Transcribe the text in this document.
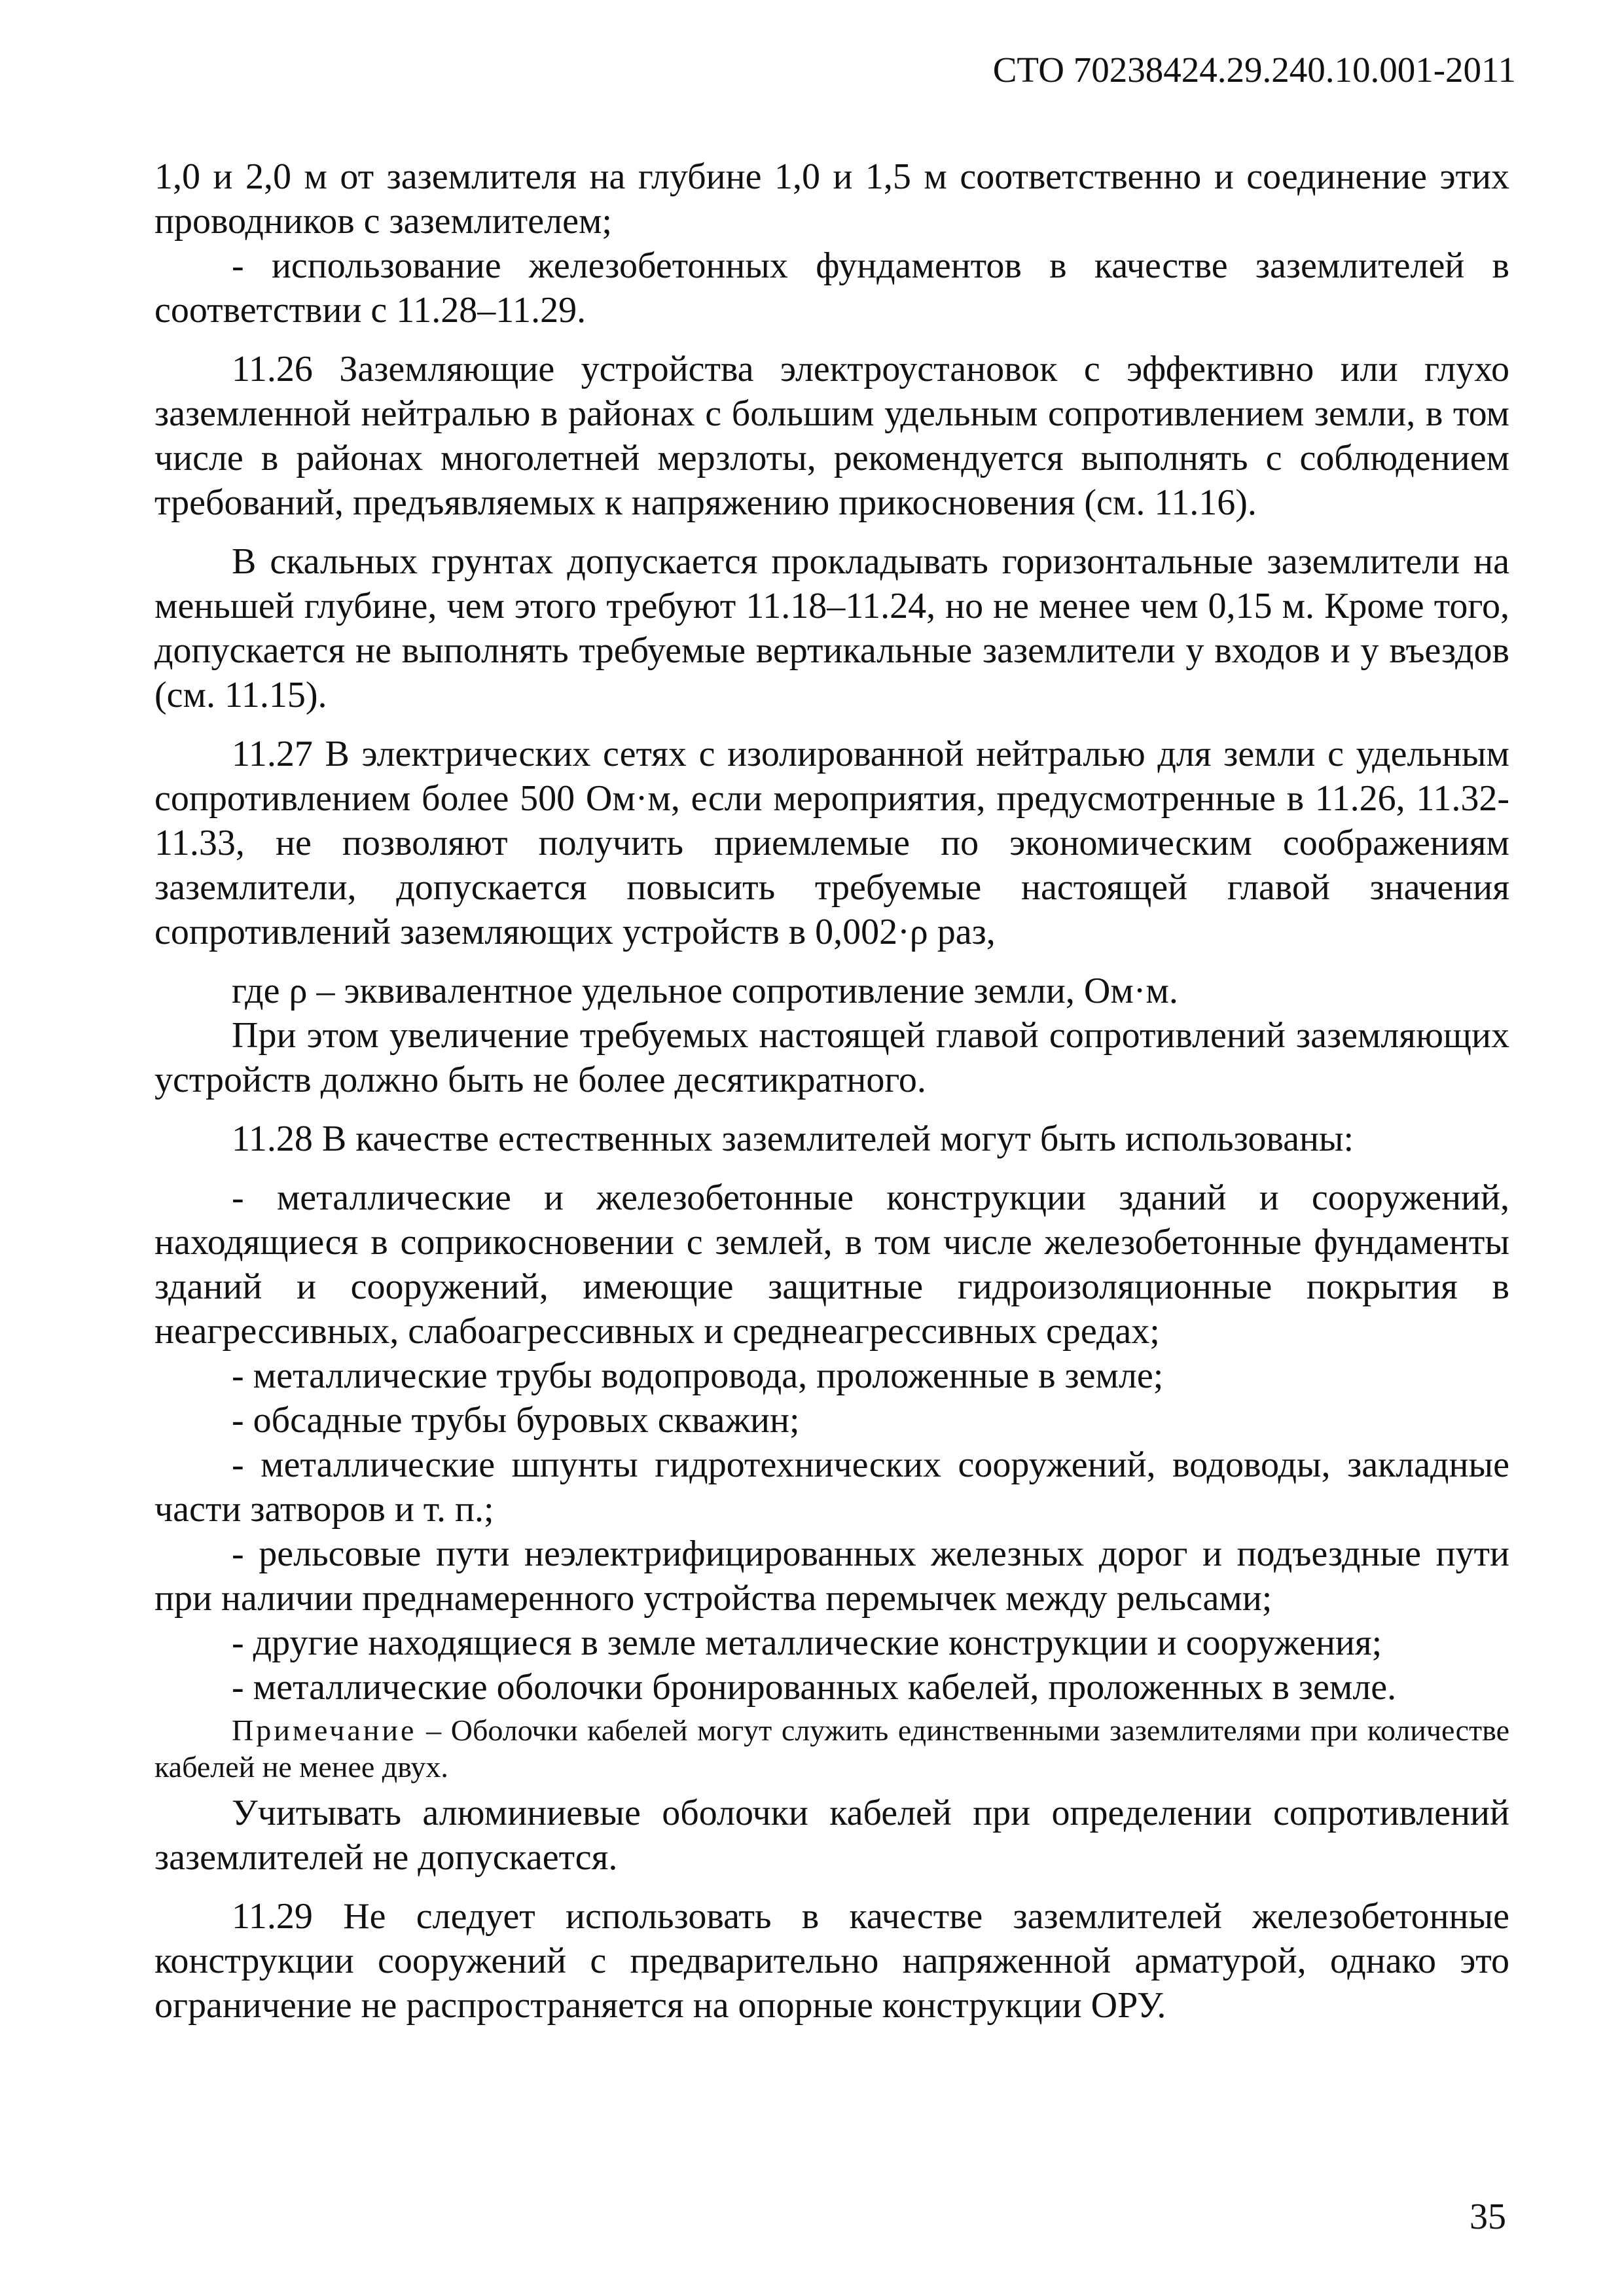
СТО 70238424.29.240.10.001-2011

1,0 и 2,0 м от заземлителя на глубине 1,0 и 1,5 м соответственно и соединение этих проводников с заземлителем;

- использование железобетонных фундаментов в качестве заземлителей в соответствии с 11.28–11.29.

11.26 Заземляющие устройства электроустановок с эффективно или глухо заземленной нейтралью в районах с большим удельным сопротивлением земли, в том числе в районах многолетней мерзлоты, рекомендуется выполнять с соблюдением требований, предъявляемых к напряжению прикосновения (см. 11.16).

В скальных грунтах допускается прокладывать горизонтальные заземлители на меньшей глубине, чем этого требуют 11.18–11.24, но не менее чем 0,15 м. Кроме того, допускается не выполнять требуемые вертикальные заземлители у входов и у въездов (см. 11.15).

11.27 В электрических сетях с изолированной нейтралью для земли с удельным сопротивлением более 500 Ом·м, если мероприятия, предусмотренные в 11.26, 11.32-11.33, не позволяют получить приемлемые по экономическим соображениям заземлители, допускается повысить требуемые настоящей главой значения сопротивлений заземляющих устройств в 0,002·ρ раз,

где ρ – эквивалентное удельное сопротивление земли, Ом·м.

При этом увеличение требуемых настоящей главой сопротивлений заземляющих устройств должно быть не более десятикратного.

11.28 В качестве естественных заземлителей могут быть использованы:

- металлические и железобетонные конструкции зданий и сооружений, находящиеся в соприкосновении с землей, в том числе железобетонные фундаменты зданий и сооружений, имеющие защитные гидроизоляционные покрытия в неагрессивных, слабоагрессивных и среднеагрессивных средах;

- металлические трубы водопровода, проложенные в земле;

- обсадные трубы буровых скважин;

- металлические шпунты гидротехнических сооружений, водоводы, закладные части затворов и т. п.;

- рельсовые пути неэлектрифицированных железных дорог и подъездные пути при наличии преднамеренного устройства перемычек между рельсами;

- другие находящиеся в земле металлические конструкции и сооружения;

- металлические оболочки бронированных кабелей, проложенных в земле.

Примечание – Оболочки кабелей могут служить единственными заземлителями при количестве кабелей не менее двух.

Учитывать алюминиевые оболочки кабелей при определении сопротивлений заземлителей не допускается.

11.29 Не следует использовать в качестве заземлителей железобетонные конструкции сооружений с предварительно напряженной арматурой, однако это ограничение не распространяется на опорные конструкции ОРУ.

35
